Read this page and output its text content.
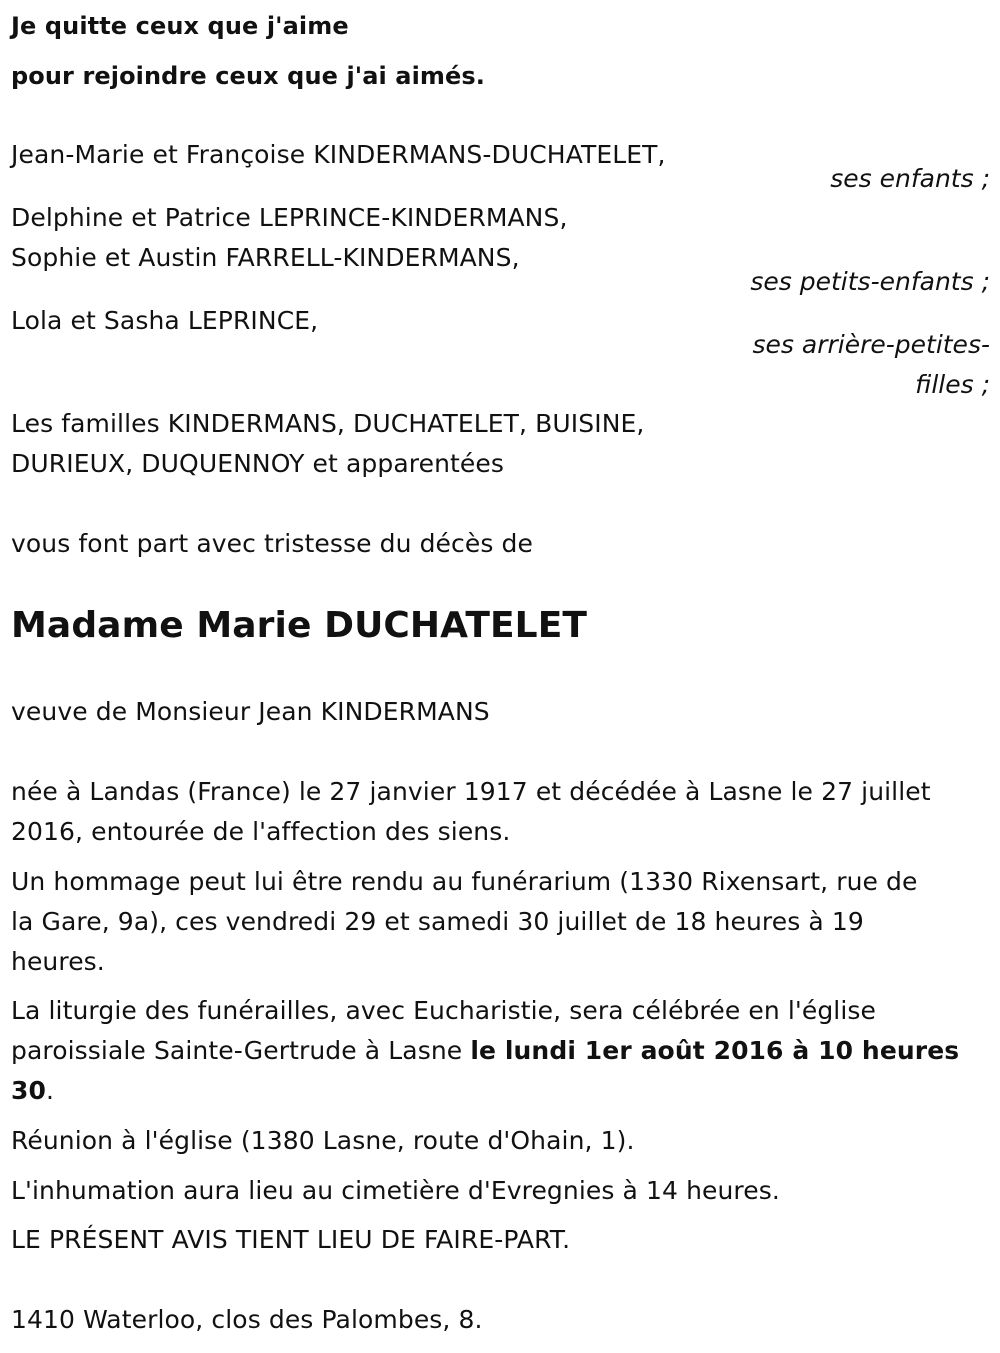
Je quitte ceux que j'aime
pour rejoindre ceux que j'ai aimés.
Jean-Marie et Françoise KINDERMANS-DUCHATELET,
ses enfants ;
Delphine et Patrice LEPRINCE-KINDERMANS,
Sophie et Austin FARRELL-KINDERMANS,
ses petits-enfants ;
Lola et Sasha LEPRINCE,
ses arrière-petites-
filles ;
Les familles KINDERMANS, DUCHATELET, BUISINE,
DURIEUX, DUQUENNOY et apparentées
vous font part avec tristesse du décès de
Madame Marie DUCHATELET
veuve de Monsieur Jean KINDERMANS
née à Landas (France) le 27 janvier 1917 et décédée à Lasne le 27 juillet
2016, entourée de l'affection des siens.
Un hommage peut lui être rendu au funérarium (1330 Rixensart, rue de
la Gare, 9a), ces vendredi 29 et samedi 30 juillet de 18 heures à 19
heures.
La liturgie des funérailles, avec Eucharistie, sera célébrée en l'église
paroissiale Sainte-Gertrude à Lasne le lundi 1er août 2016 à 10 heures
30.
Réunion à l'église (1380 Lasne, route d'Ohain, 1).
L'inhumation aura lieu au cimetière d'Evregnies à 14 heures.
LE PRÉSENT AVIS TIENT LIEU DE FAIRE-PART.
1410 Waterloo, clos des Palombes, 8.
